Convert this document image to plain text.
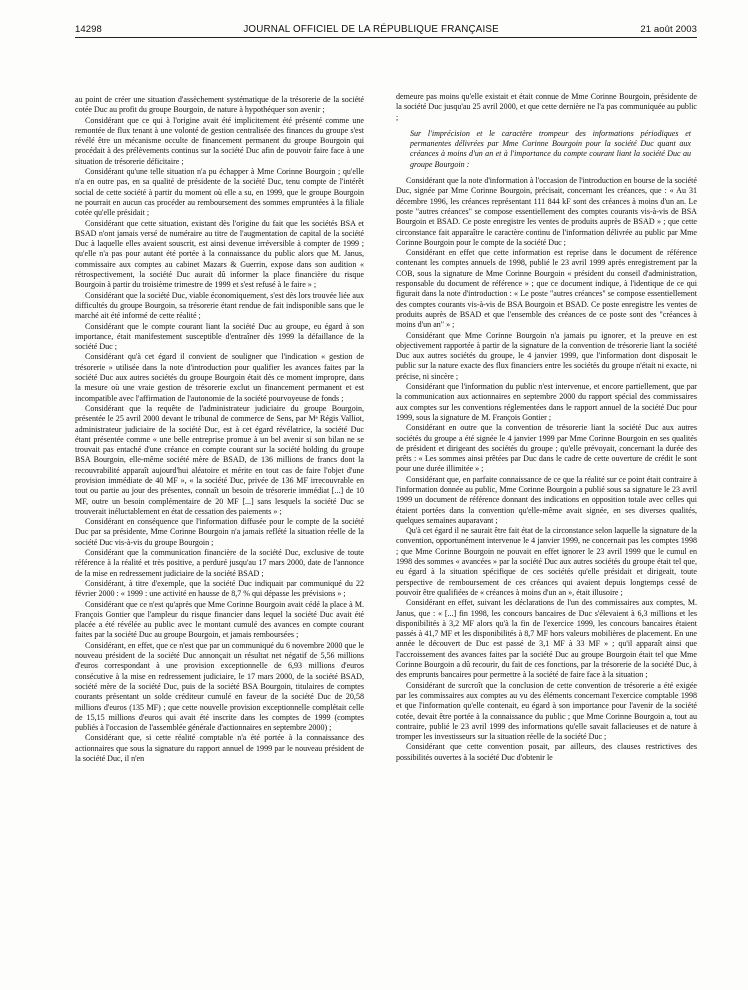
14298	JOURNAL OFFICIEL DE LA RÉPUBLIQUE FRANÇAISE	21 août 2003

au point de créer une situation d'assèchement systématique de la trésorerie de la société cotée Duc au profit du groupe Bourgoin, de nature à hypothéquer son avenir ;

Considérant que ce qui à l'origine avait été implicitement été présenté comme une remontée de flux tenant à une volonté de gestion centralisée des finances du groupe s'est révélé être un mécanisme occulte de financement permanent du groupe Bourgoin qui procédait à des prélèvements continus sur la société Duc afin de pouvoir faire face à une situation de trésorerie déficitaire ;

Considérant qu'une telle situation n'a pu échapper à Mme Corinne Bourgoin ; qu'elle n'a en outre pas, en sa qualité de présidente de la société Duc, tenu compte de l'intérêt social de cette société à partir du moment où elle a su, en 1999, que le groupe Bourgoin ne pourrait en aucun cas procéder au remboursement des sommes empruntées à la filiale cotée qu'elle présidait ;

Considérant que cette situation, existant dès l'origine du fait que les sociétés BSA et BSAD n'ont jamais versé de numéraire au titre de l'augmentation de capital de la société Duc à laquelle elles avaient souscrit, est ainsi devenue irréversible à compter de 1999 ; qu'elle n'a pas pour autant été portée à la connaissance du public alors que M. Janus, commissaire aux comptes au cabinet Mazars & Guerrin, expose dans son audition « rétrospectivement, la société Duc aurait dû informer la place financière du risque Bourgoin à partir du troisième trimestre de 1999 et s'est refusé à le faire » ;

Considérant que la société Duc, viable économiquement, s'est dès lors trouvée liée aux difficultés du groupe Bourgoin, sa trésorerie étant rendue de fait indisponible sans que le marché ait été informé de cette réalité ;

Considérant que le compte courant liant la société Duc au groupe, eu égard à son importance, était manifestement susceptible d'entraîner dès 1999 la défaillance de la société Duc ;

Considérant qu'à cet égard il convient de souligner que l'indication « gestion de trésorerie » utilisée dans la note d'introduction pour qualifier les avances faites par la société Duc aux autres sociétés du groupe Bourgoin était dès ce moment impropre, dans la mesure où une vraie gestion de trésorerie exclut un financement permanent et est incompatible avec l'affirmation de l'autonomie de la société pourvoyeuse de fonds ;

Considérant que la requête de l'administrateur judiciaire du groupe Bourgoin, présentée le 25 avril 2000 devant le tribunal de commerce de Sens, par Mᵉ Régis Valliot, administrateur judiciaire de la société Duc, est à cet égard révélatrice, la société Duc étant présentée comme « une belle entreprise promue à un bel avenir si son bilan ne se trouvait pas entaché d'une créance en compte courant sur la société holding du groupe BSA Bourgoin, elle-même société mère de BSAD, de 136 millions de francs dont la recouvrabilité apparaît aujourd'hui aléatoire et mérite en tout cas de faire l'objet d'une provision immédiate de 40 MF », « la société Duc, privée de 136 MF irrecouvrable en tout ou partie au jour des présentes, connaît un besoin de trésorerie immédiat [...] de 10 MF, outre un besoin complémentaire de 20 MF [...] sans lesquels la société Duc se trouverait inéluctablement en état de cessation des paiements » ;

Considérant en conséquence que l'information diffusée pour le compte de la société Duc par sa présidente, Mme Corinne Bourgoin n'a jamais reflété la situation réelle de la société Duc vis-à-vis du groupe Bourgoin ;

Considérant que la communication financière de la société Duc, exclusive de toute référence à la réalité et très positive, a perduré jusqu'au 17 mars 2000, date de l'annonce de la mise en redressement judiciaire de la société BSAD ;

Considérant, à titre d'exemple, que la société Duc indiquait par communiqué du 22 février 2000 : « 1999 : une activité en hausse de 8,7 % qui dépasse les prévisions » ;

Considérant que ce n'est qu'après que Mme Corinne Bourgoin avait cédé la place à M. François Gontier que l'ampleur du risque financier dans lequel la société Duc avait été placée a été révélée au public avec le montant cumulé des avances en compte courant faites par la société Duc au groupe Bourgoin, et jamais remboursées ;

Considérant, en effet, que ce n'est que par un communiqué du 6 novembre 2000 que le nouveau président de la société Duc annonçait un résultat net négatif de 5,56 millions d'euros correspondant à une provision exceptionnelle de 6,93 millions d'euros consécutive à la mise en redressement judiciaire, le 17 mars 2000, de la société BSAD, société mère de la société Duc, puis de la société BSA Bourgoin, titulaires de comptes courants présentant un solde créditeur cumulé en faveur de la société Duc de 20,58 millions d'euros (135 MF) ; que cette nouvelle provision exceptionnelle complétait celle de 15,15 millions d'euros qui avait été inscrite dans les comptes de 1999 (comptes publiés à l'occasion de l'assemblée générale d'actionnaires en septembre 2000) ;

Considérant que, si cette réalité comptable n'a été portée à la connaissance des actionnaires que sous la signature du rapport annuel de 1999 par le nouveau président de la société Duc, il n'en

demeure pas moins qu'elle existait et était connue de Mme Corinne Bourgoin, présidente de la société Duc jusqu'au 25 avril 2000, et que cette dernière ne l'a pas communiquée au public ;

Sur l'imprécision et le caractère trompeur des informations périodiques et permanentes délivrées par Mme Corinne Bourgoin pour la société Duc quant aux créances à moins d'un an et à l'importance du compte courant liant la société Duc au groupe Bourgoin :

Considérant que la note d'information à l'occasion de l'introduction en bourse de la société Duc, signée par Mme Corinne Bourgoin, précisait, concernant les créances, que : « Au 31 décembre 1996, les créances représentant 111 844 kF sont des créances à moins d'un an. Le poste "autres créances" se compose essentiellement des comptes courants vis-à-vis de BSA Bourgoin et BSAD. Ce poste enregistre les ventes de produits auprès de BSAD » ; que cette circonstance fait apparaître le caractère continu de l'information délivrée au public par Mme Corinne Bourgoin pour le compte de la société Duc ;

Considérant en effet que cette information est reprise dans le document de référence contenant les comptes annuels de 1998, publié le 23 avril 1999 après enregistrement par la COB, sous la signature de Mme Corinne Bourgoin « président du conseil d'administration, responsable du document de référence » ; que ce document indique, à l'identique de ce qui figurait dans la note d'introduction : « Le poste "autres créances" se compose essentiellement des comptes courants vis-à-vis de BSA Bourgoin et BSAD. Ce poste enregistre les ventes de produits auprès de BSAD et que l'ensemble des créances de ce poste sont des "créances à moins d'un an" » ;

Considérant que Mme Corinne Bourgoin n'a jamais pu ignorer, et la preuve en est objectivement rapportée à partir de la signature de la convention de trésorerie liant la société Duc aux autres sociétés du groupe, le 4 janvier 1999, que l'information dont disposait le public sur la nature exacte des flux financiers entre les sociétés du groupe n'était ni exacte, ni précise, ni sincère ;

Considérant que l'information du public n'est intervenue, et encore partiellement, que par la communication aux actionnaires en septembre 2000 du rapport spécial des commissaires aux comptes sur les conventions réglementées dans le rapport annuel de la société Duc pour 1999, sous la signature de M. François Gontier ;

Considérant en outre que la convention de trésorerie liant la société Duc aux autres sociétés du groupe a été signée le 4 janvier 1999 par Mme Corinne Bourgoin en ses qualités de président et dirigeant des sociétés du groupe ; qu'elle prévoyait, concernant la durée des prêts : « Les sommes ainsi prêtées par Duc dans le cadre de cette ouverture de crédit le sont pour une durée illimitée » ;

Considérant que, en parfaite connaissance de ce que la réalité sur ce point était contraire à l'information donnée au public, Mme Corinne Bourgoin a publié sous sa signature le 23 avril 1999 un document de référence donnant des indications en opposition totale avec celles qui étaient portées dans la convention qu'elle-même avait signée, en ses diverses qualités, quelques semaines auparavant ;

Qu'à cet égard il ne saurait être fait état de la circonstance selon laquelle la signature de la convention, opportunément intervenue le 4 janvier 1999, ne concernait pas les comptes 1998 ; que Mme Corinne Bourgoin ne pouvait en effet ignorer le 23 avril 1999 que le cumul en 1998 des sommes « avancées » par la société Duc aux autres sociétés du groupe était tel que, eu égard à la situation spécifique de ces sociétés qu'elle présidait et dirigeait, toute perspective de remboursement de ces créances qui avaient depuis longtemps cessé de pouvoir être qualifiées de « créances à moins d'un an », était illusoire ;

Considérant en effet, suivant les déclarations de l'un des commissaires aux comptes, M. Janus, que : « [...] fin 1998, les concours bancaires de Duc s'élevaient à 6,3 millions et les disponibilités à 3,2 MF alors qu'à la fin de l'exercice 1999, les concours bancaires étaient passés à 41,7 MF et les disponibilités à 8,7 MF hors valeurs mobilières de placement. En une année le découvert de Duc est passé de 3,1 MF à 33 MF » ; qu'il apparaît ainsi que l'accroissement des avances faites par la société Duc au groupe Bourgoin était tel que Mme Corinne Bourgoin a dû recourir, du fait de ces fonctions, par la trésorerie de la société Duc, à des emprunts bancaires pour permettre à la société de faire face à la situation ;

Considérant de surcroît que la conclusion de cette convention de trésorerie a été exigée par les commissaires aux comptes au vu des éléments concernant l'exercice comptable 1998 et que l'information qu'elle contenait, eu égard à son importance pour l'avenir de la société cotée, devait être portée à la connaissance du public ; que Mme Corinne Bourgoin a, tout au contraire, publié le 23 avril 1999 des informations qu'elle savait fallacieuses et de nature à tromper les investisseurs sur la situation réelle de la société Duc ;

Considérant que cette convention posait, par ailleurs, des clauses restrictives des possibilités ouvertes à la société Duc d'obtenir le
